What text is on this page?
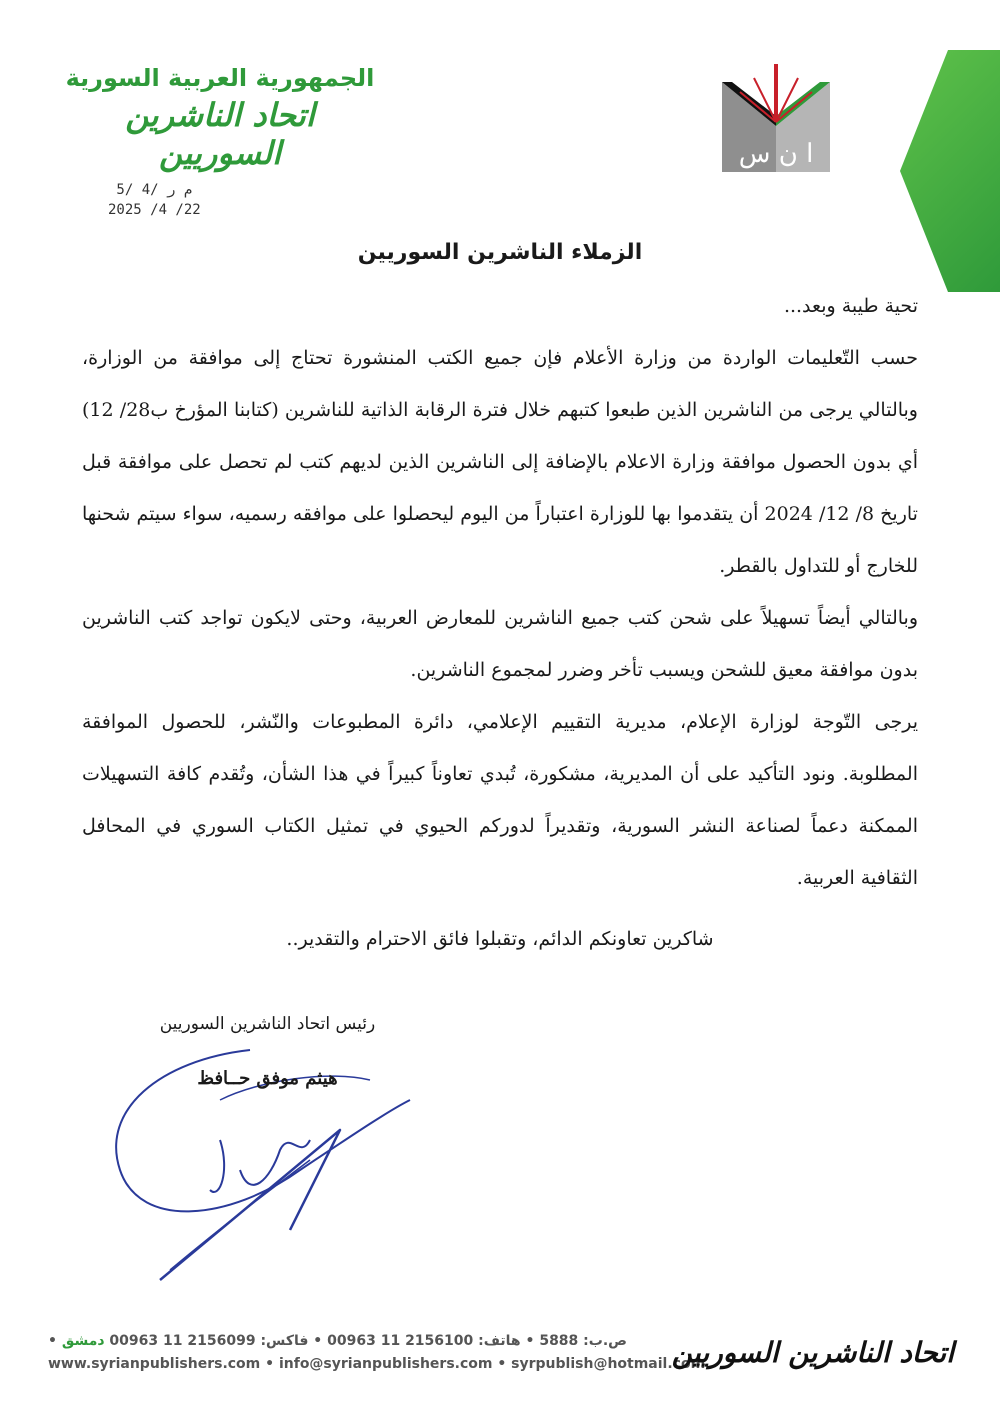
الجمهورية العربية السورية
اتحاد الناشرين السوريين	ا ن س
5/ 4/ م ر
2025 /4 /22
الزملاء الناشرين السوريين

تحية طيبة وبعد...

حسب التّعليمات الواردة من وزارة الأعلام فإن جميع الكتب المنشورة تحتاج إلى موافقة من الوزارة، وبالتالي يرجى من الناشرين الذين طبعوا كتبهم خلال فترة الرقابة الذاتية للناشرين (كتابنا المؤرخ ب28/ 12) أي بدون الحصول موافقة وزارة الاعلام بالإضافة إلى الناشرين الذين لديهم كتب لم تحصل على موافقة قبل تاريخ 8/ 12/ 2024 أن يتقدموا بها للوزارة اعتباراً من اليوم ليحصلوا على موافقه رسميه، سواء سيتم شحنها للخارج أو للتداول بالقطر.

وبالتالي أيضاً تسهيلاً على شحن كتب جميع الناشرين للمعارض العربية، وحتى لايكون تواجد كتب الناشرين بدون موافقة معيق للشحن ويسبب تأخر وضرر لمجموع الناشرين.

يرجى التّوجة لوزارة الإعلام، مديرية التقييم الإعلامي، دائرة المطبوعات والنّشر، للحصول الموافقة المطلوبة. ونود التأكيد على أن المديرية، مشكورة، تُبدي تعاوناً كبيراً في هذا الشأن، وتُقدم كافة التسهيلات الممكنة دعماً لصناعة النشر السورية، وتقديراً لدوركم الحيوي في تمثيل الكتاب السوري في المحافل الثقافية العربية.

شاكرين تعاونكم الدائم، وتقبلوا فائق الاحترام والتقدير..
رئيس اتحاد الناشرين السوريين
هيثم موفق حــافظ
• ص.ب: 5888 • هاتف: 2156100 11 00963 • فاكس: 2156099 11 00963 دمشق
www.syrianpublishers.com • info@syrianpublishers.com • syrpublish@hotmail.com
اتحاد الناشرين السوريين
